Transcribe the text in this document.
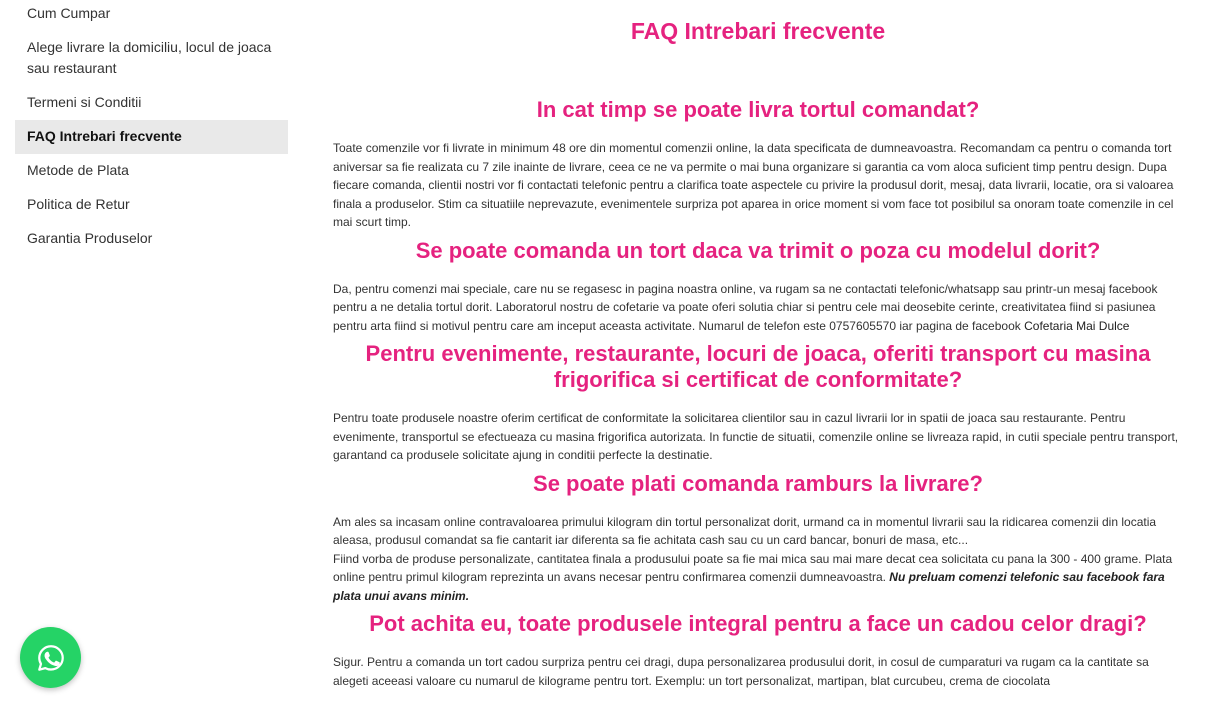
Cum Cumpar
Alege livrare la domiciliu, locul de joaca sau restaurant
Termeni si Conditii
FAQ Intrebari frecvente
Metode de Plata
Politica de Retur
Garantia Produselor
FAQ Intrebari frecvente
In cat timp se poate livra tortul comandat?

Toate comenzile vor fi livrate in minimum 48 ore din momentul comenzii online, la data specificata de dumneavoastra. Recomandam ca pentru o comanda tort aniversar sa fie realizata cu 7 zile inainte de livrare, ceea ce ne va permite o mai buna organizare si garantia ca vom aloca suficient timp pentru design. Dupa fiecare comanda, clientii nostri vor fi contactati telefonic pentru a clarifica toate aspectele cu privire la produsul dorit, mesaj, data livrarii, locatie, ora si valoarea finala a produselor. Stim ca situatiile neprevazute, evenimentele surpriza pot aparea in orice moment si vom face tot posibilul sa onoram toate comenzile in cel mai scurt timp.

Se poate comanda un tort daca va trimit o poza cu modelul dorit?

Da, pentru comenzi mai speciale, care nu se regasesc in pagina noastra online, va rugam sa ne contactati telefonic/whatsapp sau printr-un mesaj facebook pentru a ne detalia tortul dorit. Laboratorul nostru de cofetarie va poate oferi solutia chiar si pentru cele mai deosebite cerinte, creativitatea fiind si pasiunea pentru arta fiind si motivul pentru care am inceput aceasta activitate. Numarul de telefon este 0757605570 iar pagina de facebook Cofetaria Mai Dulce

Pentru evenimente, restaurante, locuri de joaca, oferiti transport cu masina frigorifica si certificat de conformitate?

Pentru toate produsele noastre oferim certificat de conformitate la solicitarea clientilor sau in cazul livrarii lor in spatii de joaca sau restaurante. Pentru evenimente, transportul se efectueaza cu masina frigorifica autorizata. In functie de situatii, comenzile online se livreaza rapid, in cutii speciale pentru transport, garantand ca produsele solicitate ajung in conditii perfecte la destinatie.

Se poate plati comanda ramburs la livrare?

Am ales sa incasam online contravaloarea primului kilogram din tortul personalizat dorit, urmand ca in momentul livrarii sau la ridicarea comenzii din locatia aleasa, produsul comandat sa fie cantarit iar diferenta sa fie achitata cash sau cu un card bancar, bonuri de masa, etc...

Fiind vorba de produse personalizate, cantitatea finala a produsului poate sa fie mai mica sau mai mare decat cea solicitata cu pana la 300 - 400 grame. Plata online pentru primul kilogram reprezinta un avans necesar pentru confirmarea comenzii dumneavoastra. Nu preluam comenzi telefonic sau facebook fara plata unui avans minim.

Pot achita eu, toate produsele integral pentru a face un cadou celor dragi?

Sigur. Pentru a comanda un tort cadou surpriza pentru cei dragi, dupa personalizarea produsului dorit, in cosul de cumparaturi va rugam ca la cantitate sa alegeti aceeasi valoare cu numarul de kilograme pentru tort. Exemplu: un tort personalizat, martipan, blat curcubeu, crema de ciocolata
